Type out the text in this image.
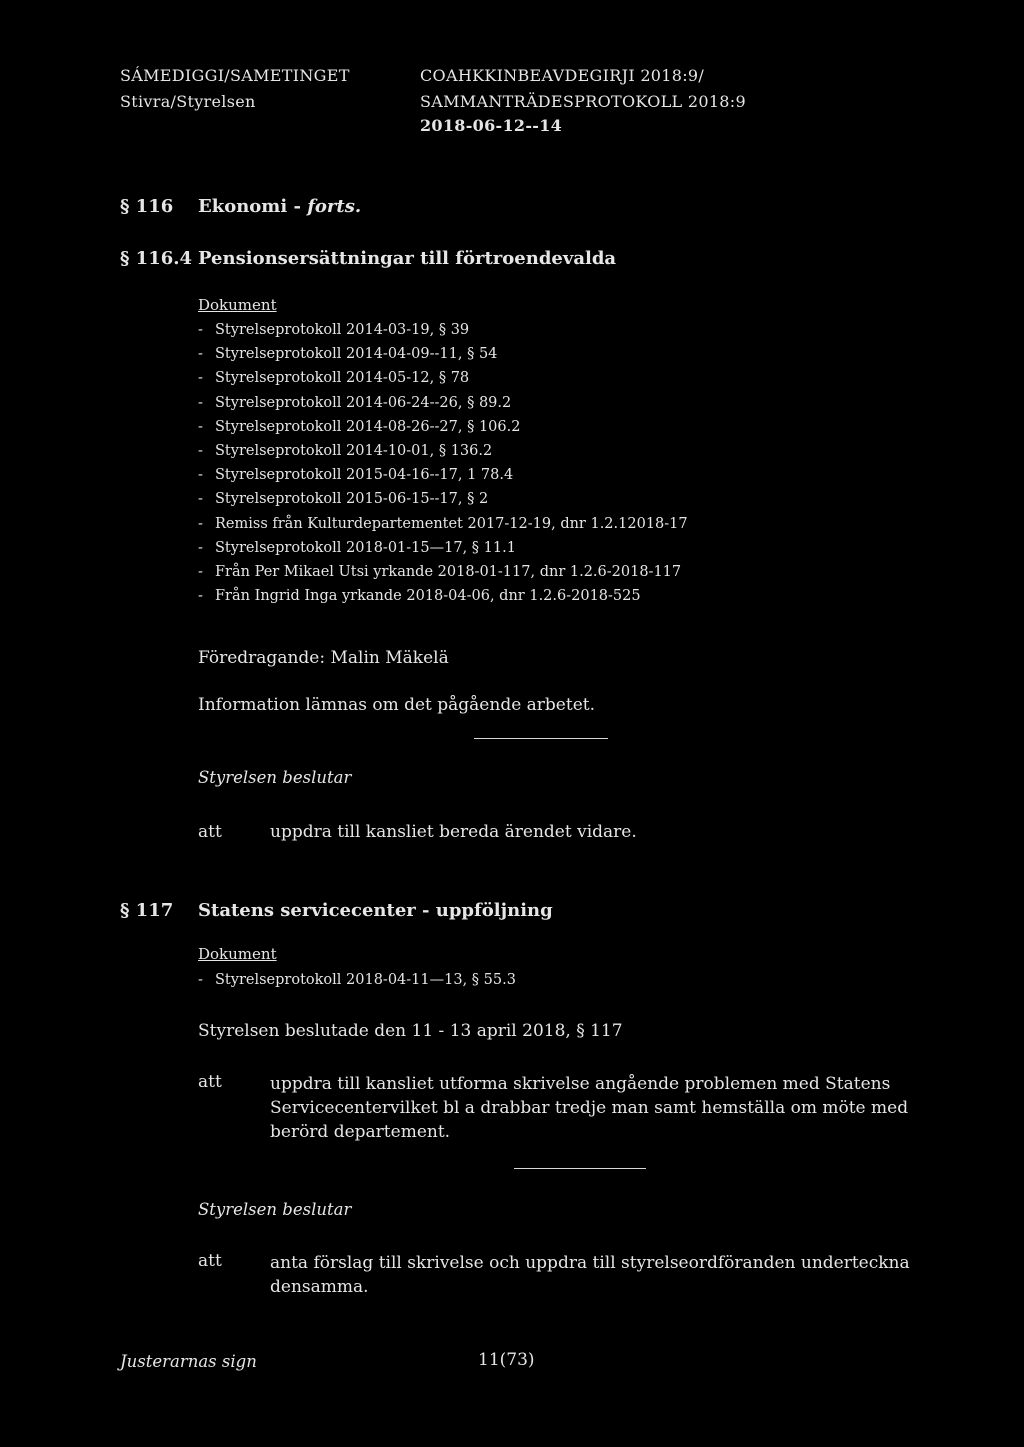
SÁMEDIGGI/SAMETINGET
Stivra/Styrelsen
COAHKKINBEAVDEGIRJI 2018:9/
SAMMANTRÄDESPROTOKOLL 2018:9
2018-06-12--14
§ 116 Ekonomi - forts.
§ 116.4 Pensionsersättningar till förtroendevalda
Dokument
- Styrelseprotokoll 2014-03-19, § 39
- Styrelseprotokoll 2014-04-09--11, § 54
- Styrelseprotokoll 2014-05-12, § 78
- Styrelseprotokoll 2014-06-24--26, § 89.2
- Styrelseprotokoll 2014-08-26--27, § 106.2
- Styrelseprotokoll 2014-10-01, § 136.2
- Styrelseprotokoll 2015-04-16--17, 1 78.4
- Styrelseprotokoll 2015-06-15--17, § 2
- Remiss från Kulturdepartementet 2017-12-19, dnr 1.2.12018-17
- Styrelseprotokoll 2018-01-15—17, § 11.1
- Från Per Mikael Utsi yrkande 2018-01-117, dnr 1.2.6-2018-117
- Från Ingrid Inga yrkande 2018-04-06, dnr 1.2.6-2018-525
Föredragande: Malin Mäkelä
Information lämnas om det pågående arbetet.
Styrelsen beslutar
att	uppdra till kansliet bereda ärendet vidare.
§ 117 Statens servicecenter - uppföljning
Dokument
- Styrelseprotokoll 2018-04-11—13, § 55.3
Styrelsen beslutade den 11 - 13 april 2018, § 117
att	uppdra till kansliet utforma skrivelse angående problemen med Statens Servicecentervilket bl a drabbar tredje man samt hemställa om möte med berörd departement.
Styrelsen beslutar
att	anta förslag till skrivelse och uppdra till styrelseordföranden underteckna densamma.
Justerarnas sign	11(73)
